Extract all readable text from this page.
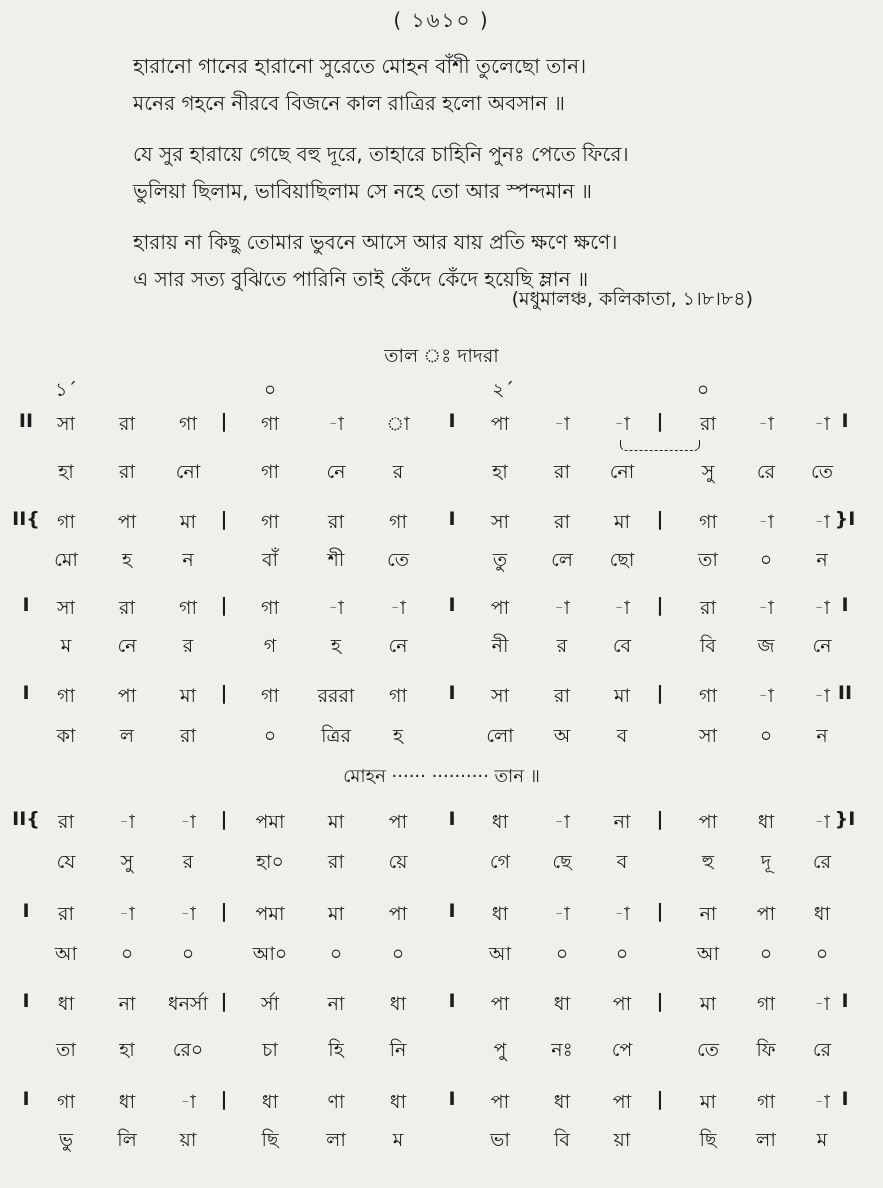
( ১৬১০ )
হারানো গানের হারানো সুরেতে মোহন বাঁশী তুলেছো তান।
মনের গহনে নীরবে বিজনে কাল রাত্রির হলো অবসান ॥
যে সুর হারায়ে গেছে বহু দূরে, তাহারে চাহিনি পুনঃ পেতে ফিরে।
ভুলিয়া ছিলাম, ভাবিয়াছিলাম সে নহে তো আর স্পন্দমান ॥
হারায় না কিছু তোমার ভুবনে আসে আর যায় প্রতি ক্ষণে ক্ষণে।
এ সার সত্য বুঝিতে পারিনি তাই কেঁদে কেঁদে হয়েছি ম্লান ॥
(মধুমালঞ্চ, কলিকাতা, ১।৮।৮৪)
তাল ঃ দাদরা
১´	০	২´	০
II সা রা গা | গা	-া া I পা -া -া | রা -া -া I
হা রা নো	গা নে র	হা রা নো	সু রে তে
II{ গা পা মা | গা	রা গা I সা রা মা | গা -া -া }I
মো হ	ন	বাঁ	শী তে	তু লে ছো	তা ০ ন
I সা রা গা | গা	-া -া I পা -া -া | রা -া -া I
ম নে র	গ	হ নে	নী	র বে	বি জ নে
I গা পা মা | গা রররা গা I সা রা মা | গা -া -া II
কা ল রা	০ ত্রির হ	লো অ ব	সা ০ ন
II{ রা -া -া | পমা মা পা I ধা -া না | পা ধা -া }I
যে সু	র	হা০ রা য়ে	গে ছে ব	হু দূ রে
I রা -া -া | পমা মা পা I ধা -া -া | না পা ধা
আ ০	০	আ০ ০	০	আ ০	০	আ ০ ০
I ধা না ধনর্সা | র্সা	না ধা I পা ধা পা | মা গা -া I
তা হা রে০	চা	হি নি	পু নঃ পে	তে ফি রে
I গা ধা -া | ধা	ণা ধা I পা ধা পা | মা গা -া I
ভু লি য়া	ছি	লা ম	ভা বি য়া	ছি লা ম
মোহন ······ ·········· তান ॥
